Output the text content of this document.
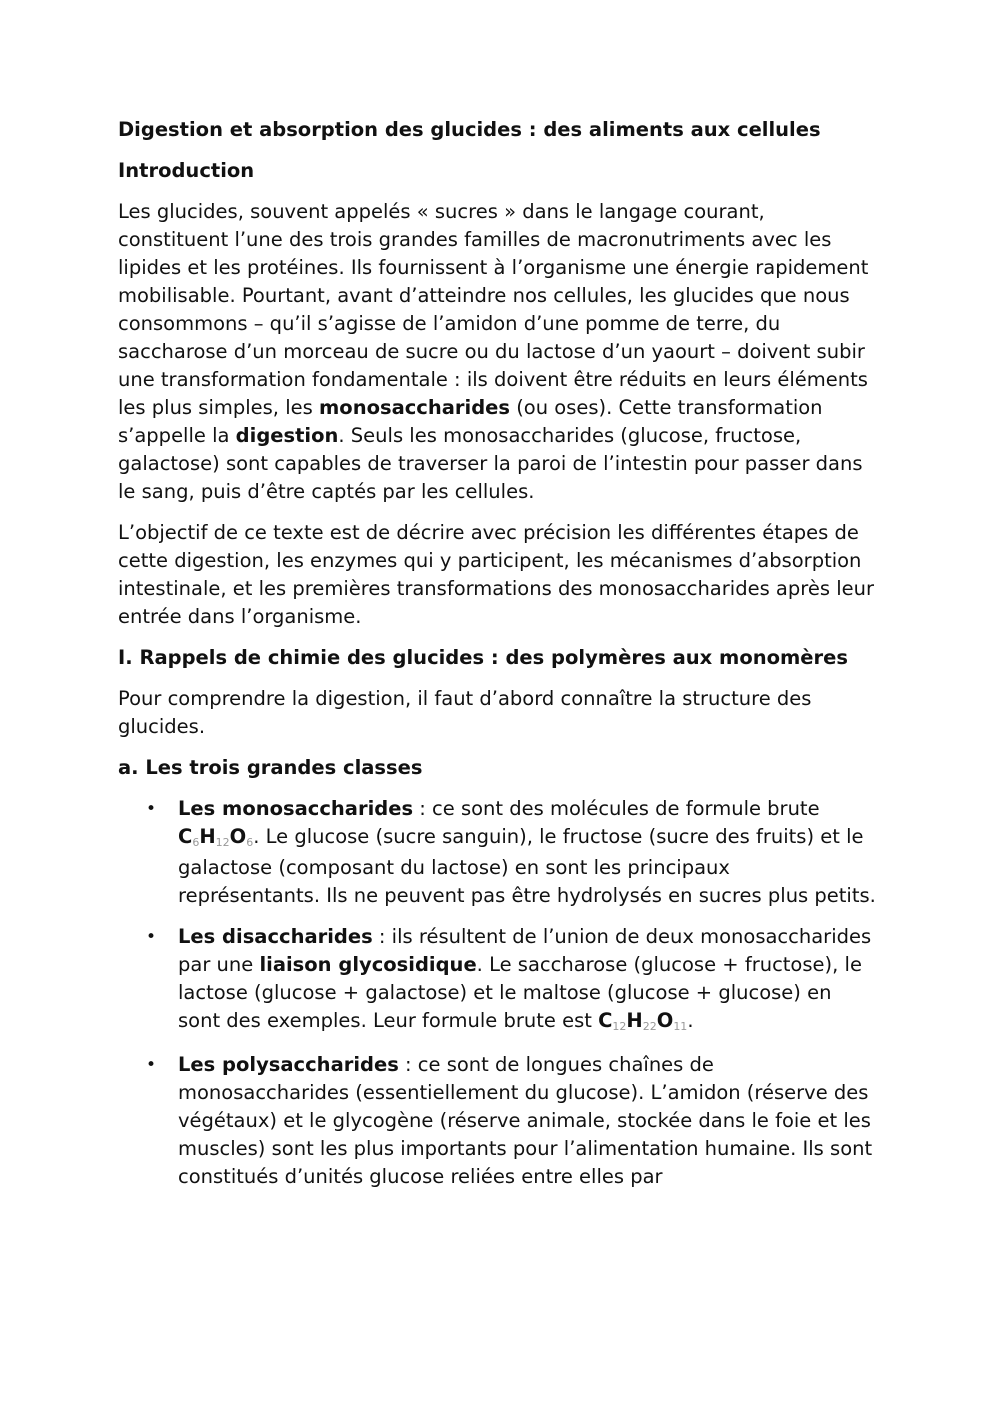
Digestion et absorption des glucides : des aliments aux cellules
Introduction
Les glucides, souvent appelés « sucres » dans le langage courant, constituent l’une des trois grandes familles de macronutriments avec les lipides et les protéines. Ils fournissent à l’organisme une énergie rapidement mobilisable. Pourtant, avant d’atteindre nos cellules, les glucides que nous consommons – qu’il s’agisse de l’amidon d’une pomme de terre, du saccharose d’un morceau de sucre ou du lactose d’un yaourt – doivent subir une transformation fondamentale : ils doivent être réduits en leurs éléments les plus simples, les monosaccharides (ou oses). Cette transformation s’appelle la digestion. Seuls les monosaccharides (glucose, fructose, galactose) sont capables de traverser la paroi de l’intestin pour passer dans le sang, puis d’être captés par les cellules.
L’objectif de ce texte est de décrire avec précision les différentes étapes de cette digestion, les enzymes qui y participent, les mécanismes d’absorption intestinale, et les premières transformations des monosaccharides après leur entrée dans l’organisme.
I. Rappels de chimie des glucides : des polymères aux monomères
Pour comprendre la digestion, il faut d’abord connaître la structure des glucides.
a. Les trois grandes classes
• Les monosaccharides : ce sont des molécules de formule brute $C_6H_{12}O_6$. Le glucose (sucre sanguin), le fructose (sucre des fruits) et le galactose (composant du lactose) en sont les principaux représentants. Ils ne peuvent pas être hydrolysés en sucres plus petits.
• Les disaccharides : ils résultent de l’union de deux monosaccharides par une liaison glycosidique. Le saccharose (glucose + fructose), le lactose (glucose + galactose) et le maltose (glucose + glucose) en sont des exemples. Leur formule brute est $C_{12}H_{22}O_{11}$.
• Les polysaccharides : ce sont de longues chaînes de monosaccharides (essentiellement du glucose). L’amidon (réserve des végétaux) et le glycogène (réserve animale, stockée dans le foie et les muscles) sont les plus importants pour l’alimentation humaine. Ils sont constitués d’unités glucose reliées entre elles par
